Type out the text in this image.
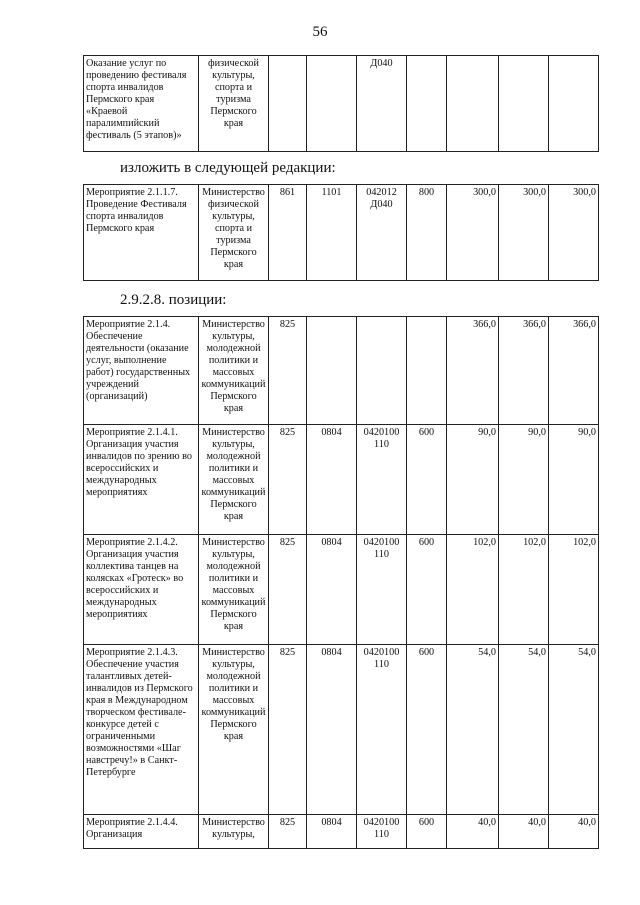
56
Оказание услуг по проведению фестиваля спорта инвалидов Пермского края «Краевой паралимпийский фестиваль (5 этапов)»	физической культуры, спорта и туризма Пермского края			Д040				
изложить в следующей редакции:
Мероприятие 2.1.1.7. Проведение Фестиваля спорта инвалидов Пермского края	Министерство физической культуры, спорта и туризма Пермского края	861	1101	042012 Д040	800	300,0	300,0	300,0
2.9.2.8. позиции:
Мероприятие 2.1.4. Обеспечение деятельности (оказание услуг, выполнение работ) государственных учреждений (организаций)	Министерство культуры, молодежной политики и массовых коммуникаций Пермского края	825				366,0	366,0	366,0
Мероприятие 2.1.4.1. Организация участия инвалидов по зрению во всероссийских и международных мероприятиях	Министерство культуры, молодежной политики и массовых коммуникаций Пермского края	825	0804	0420100 110	600	90,0	90,0	90,0
Мероприятие 2.1.4.2. Организация участия коллектива танцев на колясках «Гротеск» во всероссийских и международных мероприятиях	Министерство культуры, молодежной политики и массовых коммуникаций Пермского края	825	0804	0420100 110	600	102,0	102,0	102,0
Мероприятие 2.1.4.3. Обеспечение участия талантливых детей-инвалидов из Пермского края в Международном творческом фестивале-конкурсе детей с ограниченными возможностями «Шаг навстречу!» в Санкт-Петербурге	Министерство культуры, молодежной политики и массовых коммуникаций Пермского края	825	0804	0420100 110	600	54,0	54,0	54,0
Мероприятие 2.1.4.4. Организация	Министерство культуры,	825	0804	0420100 110	600	40,0	40,0	40,0
